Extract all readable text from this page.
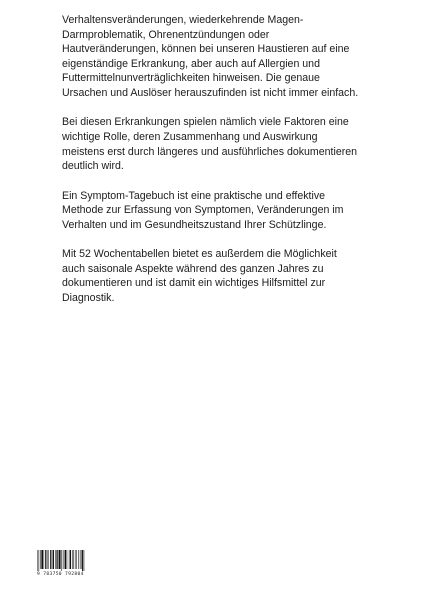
Verhaltensveränderungen, wiederkehrende Magen-Darmproblematik, Ohrenentzündungen oder Hautveränderungen, können bei unseren Haustieren auf eine eigenständige Erkrankung, aber auch auf Allergien und Futtermittelnunverträglichkeiten hinweisen. Die genaue Ursachen und Auslöser herauszufinden ist nicht immer einfach.

Bei diesen Erkrankungen spielen nämlich viele Faktoren eine wichtige Rolle, deren Zusammenhang und Auswirkung meistens erst durch längeres und ausführliches dokumentieren deutlich wird.

Ein Symptom-Tagebuch ist eine praktische und effektive Methode zur Erfassung von Symptomen, Veränderungen im Verhalten und im Gesundheitszustand Ihrer Schützlinge.

Mit 52 Wochentabellen bietet es außerdem die Möglichkeit auch saisonale Aspekte während des ganzen Jahres zu dokumentieren und ist damit ein wichtiges Hilfsmittel zur Diagnostik.

9 783750 792804
